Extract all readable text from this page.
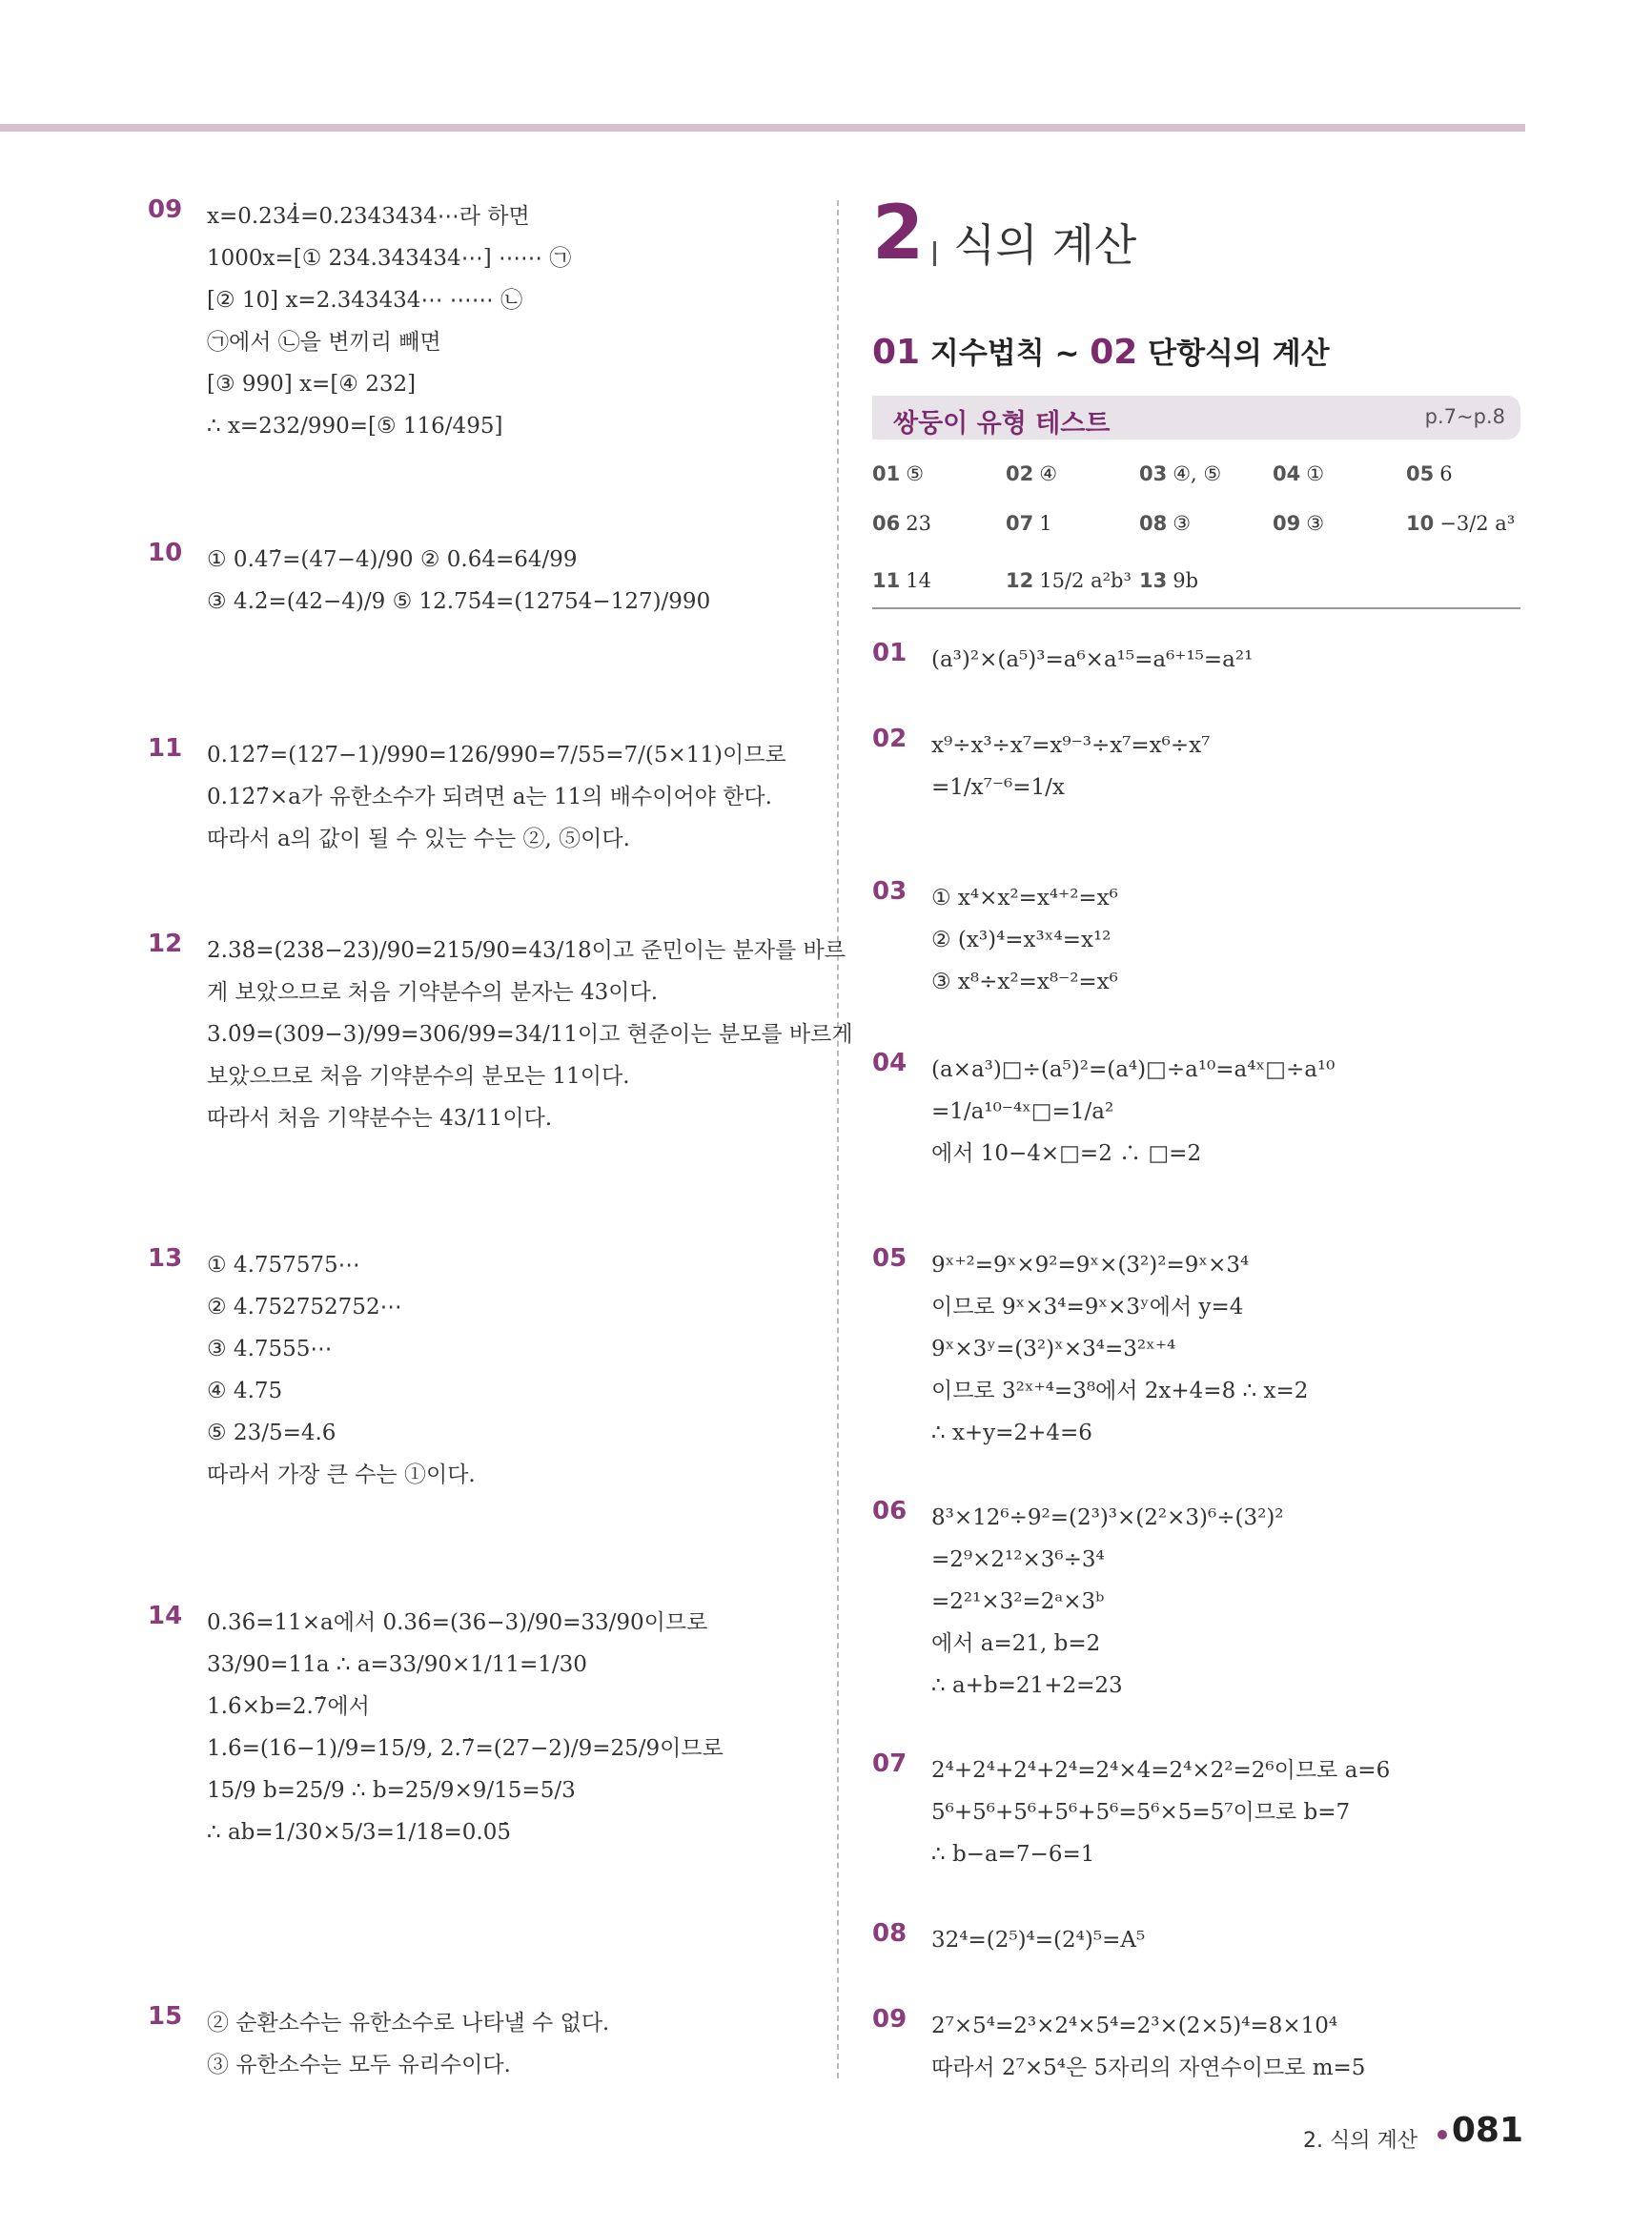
09 x=0.234̇̇=0.2343434⋯라 하면
1000x=[① 234.343434⋯] ⋯⋯ ㉠
[② 10] x=2.343434⋯ ⋯⋯ ㉡
㉠에서 ㉡을 변끼리 빼면
[③ 990] x=[④ 232]
∴ x=232/990=[⑤ 116/495]
10 ① 0.47̇=(47−4)/90 ② 0.6̇4̇=64/99
③ 4.2̇=(42−4)/9 ⑤ 12.75̇4̇=(12754−127)/990
11 0.12̇7̇=(127−1)/990=126/990=7/55=7/(5×11)이므로
0.12̇7̇×a가 유한소수가 되려면 a는 11의 배수이어야 한다.
따라서 a의 값이 될 수 있는 수는 ②, ⑤이다.
12 2.38̇=(238−23)/90=215/90=43/18이고 준민이는 분자를 바르
게 보았으므로 처음 기약분수의 분자는 43이다.
3.0̇9̇=(309−3)/99=306/99=34/11이고 현준이는 분모를 바르게
보았으므로 처음 기약분수의 분모는 11이다.
따라서 처음 기약분수는 43/11이다.
13 ① 4.757575⋯
② 4.752752752⋯
③ 4.7555⋯
④ 4.75
⑤ 23/5=4.6
따라서 가장 큰 수는 ①이다.
14 0.36̇=11×a에서 0.36̇=(36−3)/90=33/90이므로
33/90=11a ∴ a=33/90×1/11=1/30
1.6̇×b=2.7̇에서
1.6̇=(16−1)/9=15/9, 2.7̇=(27−2)/9=25/9이므로
15/9 b=25/9 ∴ b=25/9×9/15=5/3
∴ ab=1/30×5/3=1/18=0.05̇
15 ② 순환소수는 유한소수로 나타낼 수 없다.
③ 유한소수는 모두 유리수이다.
2 식의 계산
01 지수법칙 ~ 02 단항식의 계산
쌍둥이 유형 테스트	p.7~p.8
01 ⑤	02 ④	03 ④, ⑤	04 ①	05 6
06 23	07 1	08 ③	09 ③	10 −3/2 a³
11 14	12 15/2 a²b³ 13 9b
01 (a³)²×(a⁵)³=a⁶×a¹⁵=a⁶⁺¹⁵=a²¹
02 x⁹÷x³÷x⁷=x⁹⁻³÷x⁷=x⁶÷x⁷
=1/x⁷⁻⁶=1/x
03 ① x⁴×x²=x⁴⁺²=x⁶
② (x³)⁴=x³ˣ⁴=x¹²
③ x⁸÷x²=x⁸⁻²=x⁶
04 (a×a³)□÷(a⁵)²=(a⁴)□÷a¹⁰=a⁴ˣ□÷a¹⁰
=1/a¹⁰⁻⁴ˣ□=1/a²
에서 10−4×□=2 ∴ □=2
05 9ˣ⁺²=9ˣ×9²=9ˣ×(3²)²=9ˣ×3⁴
이므로 9ˣ×3⁴=9ˣ×3ʸ에서 y=4
9ˣ×3ʸ=(3²)ˣ×3⁴=3²ˣ⁺⁴
이므로 3²ˣ⁺⁴=3⁸에서 2x+4=8 ∴ x=2
∴ x+y=2+4=6
06 8³×12⁶÷9²=(2³)³×(2²×3)⁶÷(3²)²
=2⁹×2¹²×3⁶÷3⁴
=2²¹×3²=2ᵃ×3ᵇ
에서 a=21, b=2
∴ a+b=21+2=23
07 2⁴+2⁴+2⁴+2⁴=2⁴×4=2⁴×2²=2⁶이므로 a=6
5⁶+5⁶+5⁶+5⁶+5⁶=5⁶×5=5⁷이므로 b=7
∴ b−a=7−6=1
08 32⁴=(2⁵)⁴=(2⁴)⁵=A⁵
09 2⁷×5⁴=2³×2⁴×5⁴=2³×(2×5)⁴=8×10⁴
따라서 2⁷×5⁴은 5자리의 자연수이므로 m=5
2. 식의 계산 081
